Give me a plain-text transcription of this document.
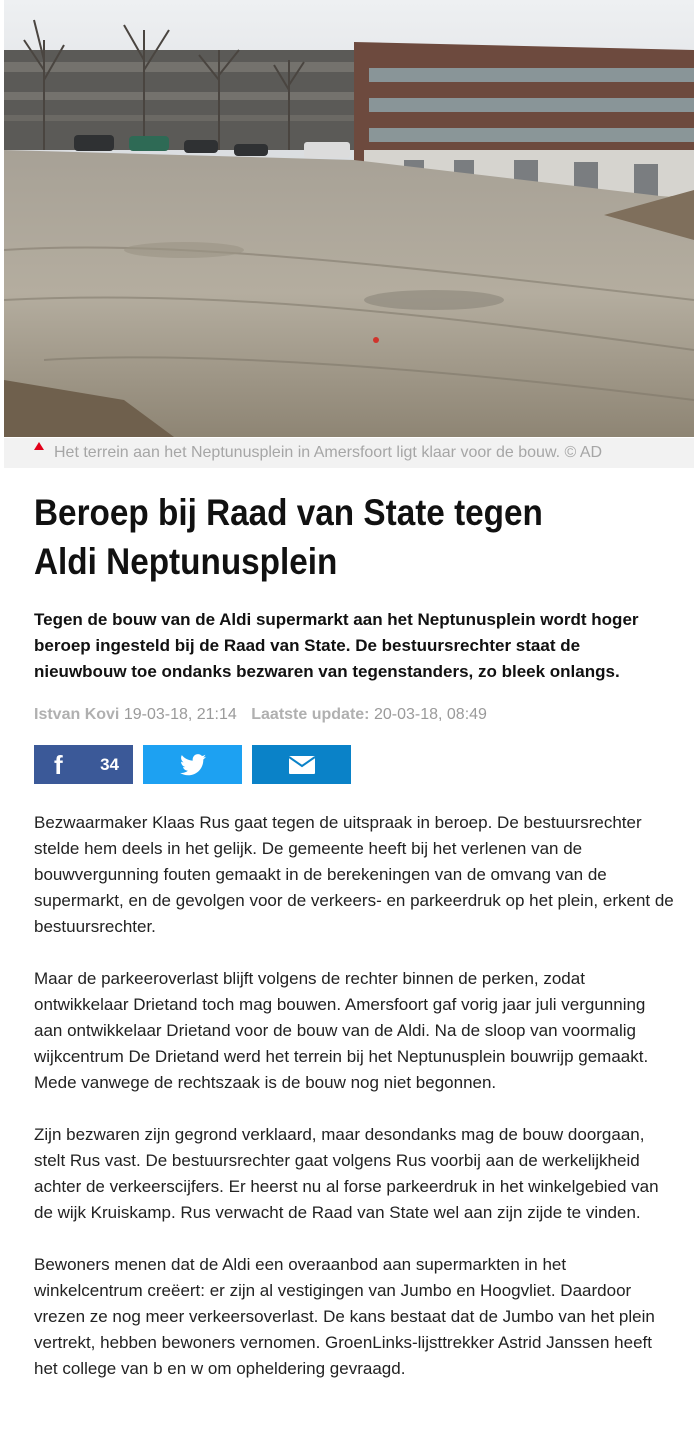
Het terrein aan het Neptunusplein in Amersfoort ligt klaar voor de bouw. © AD
Beroep bij Raad van State tegen
Aldi Neptunusplein
Tegen de bouw van de Aldi supermarkt aan het Neptunusplein wordt hoger beroep ingesteld bij de Raad van State. De bestuursrechter staat de nieuwbouw toe ondanks bezwaren van tegenstanders, zo bleek onlangs.
Istvan Kovi 19-03-18, 21:14 Laatste update: 20-03-18, 08:49
f 34

Bezwaarmaker Klaas Rus gaat tegen de uitspraak in beroep. De bestuursrechter stelde hem deels in het gelijk. De gemeente heeft bij het verlenen van de bouwvergunning fouten gemaakt in de berekeningen van de omvang van de supermarkt, en de gevolgen voor de verkeers- en parkeerdruk op het plein, erkent de bestuursrechter.

Maar de parkeeroverlast blijft volgens de rechter binnen de perken, zodat ontwikkelaar Drietand toch mag bouwen. Amersfoort gaf vorig jaar juli vergunning aan ontwikkelaar Drietand voor de bouw van de Aldi. Na de sloop van voormalig wijkcentrum De Drietand werd het terrein bij het Neptunusplein bouwrijp gemaakt. Mede vanwege de rechtszaak is de bouw nog niet begonnen.

Zijn bezwaren zijn gegrond verklaard, maar desondanks mag de bouw doorgaan, stelt Rus vast. De bestuursrechter gaat volgens Rus voorbij aan de werkelijkheid achter de verkeerscijfers. Er heerst nu al forse parkeerdruk in het winkelgebied van de wijk Kruiskamp. Rus verwacht de Raad van State wel aan zijn zijde te vinden.

Bewoners menen dat de Aldi een overaanbod aan supermarkten in het winkelcentrum creëert: er zijn al vestigingen van Jumbo en Hoogvliet. Daardoor vrezen ze nog meer verkeersoverlast. De kans bestaat dat de Jumbo van het plein vertrekt, hebben bewoners vernomen. GroenLinks-lijsttrekker Astrid Janssen heeft het college van b en w om opheldering gevraagd.
